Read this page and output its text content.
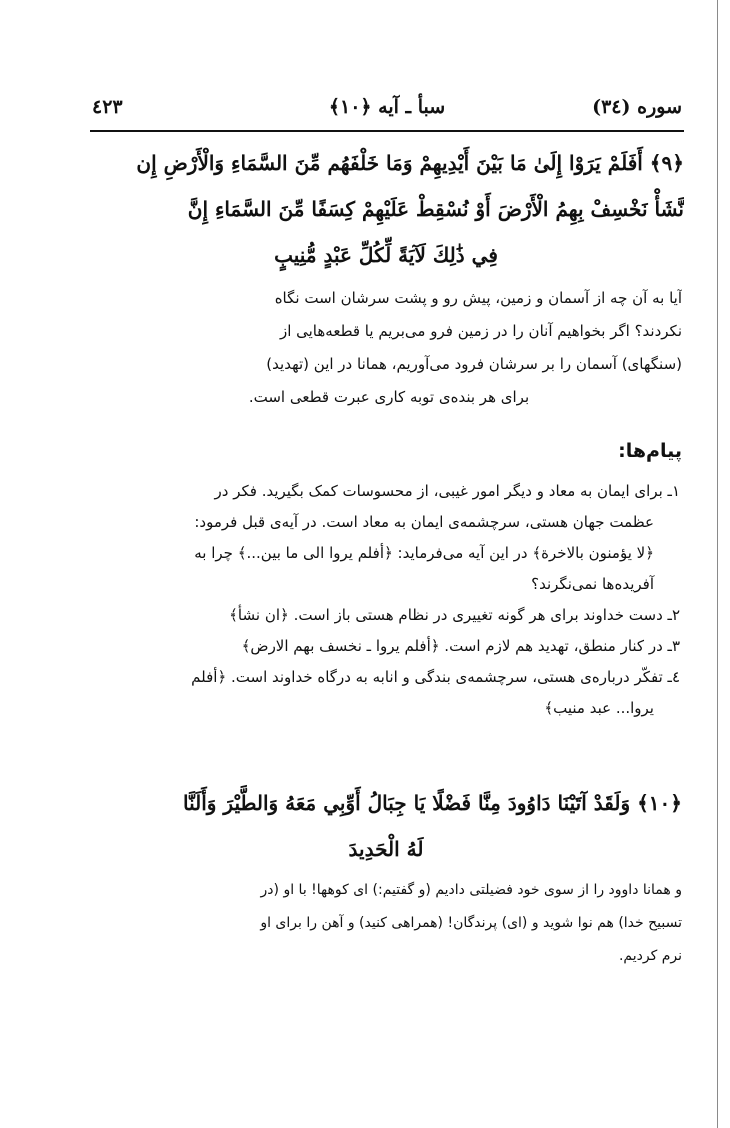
سوره (۳٤)
سبأ ـ آیه ﴿۱۰﴾
٤۲۳
﴿۹﴾ أَفَلَمْ يَرَوْا إِلَىٰ مَا بَيْنَ أَيْدِيهِمْ وَمَا خَلْفَهُم مِّنَ السَّمَاءِ وَالْأَرْضِ إِن
نَّشَأْ نَخْسِفْ بِهِمُ الْأَرْضَ أَوْ نُسْقِطْ عَلَيْهِمْ كِسَفًا مِّنَ السَّمَاءِ إِنَّ
فِي ذَٰلِكَ لَآيَةً لِّكُلِّ عَبْدٍ مُّنِيبٍ
آیا به آن چه از آسمان و زمین، پیش رو و پشت سرشان است نگاه
نکردند؟ اگر بخواهیم آنان را در زمین فرو می‌بریم یا قطعه‌هایی از
(سنگهای) آسمان را بر سرشان فرود می‌آوریم، همانا در این (تهدید)
برای هر بنده‌ی توبه کاری عبرت قطعی است.
پیام‌ها:
۱ـ برای ایمان به معاد و دیگر امور غیبی، از محسوسات کمک بگیرید. فکر در
عظمت جهان هستی، سرچشمه‌ی ایمان به معاد است. در آیه‌ی قبل فرمود:
﴿لا یؤمنون بالاخرة﴾ در این آیه می‌فرماید: ﴿أفلم یروا الی ما بین...﴾ چرا به
آفریده‌ها نمی‌نگرند؟
۲ـ دست خداوند برای هر گونه تغییری در نظام هستی باز است. ﴿ان نشأ﴾
۳ـ در کنار منطق، تهدید هم لازم است. ﴿أفلم یروا ـ نخسف بهم الارض﴾
٤ـ تفکّر درباره‌ی هستی، سرچشمه‌ی بندگی و انابه به درگاه خداوند است. ﴿أفلم
یروا... عبد منیب﴾
﴿۱۰﴾ وَلَقَدْ آتَيْنَا دَاوُودَ مِنَّا فَضْلًا يَا جِبَالُ أَوِّبِي مَعَهُ وَالطَّيْرَ وَأَلَنَّا
لَهُ الْحَدِيدَ
و همانا داوود را از سوی خود فضیلتی دادیم (و گفتیم:) ای کوهها! با او (در
تسبیح خدا) هم نوا شوید و (ای) پرندگان! (همراهی کنید) و آهن را برای او
نرم کردیم.
